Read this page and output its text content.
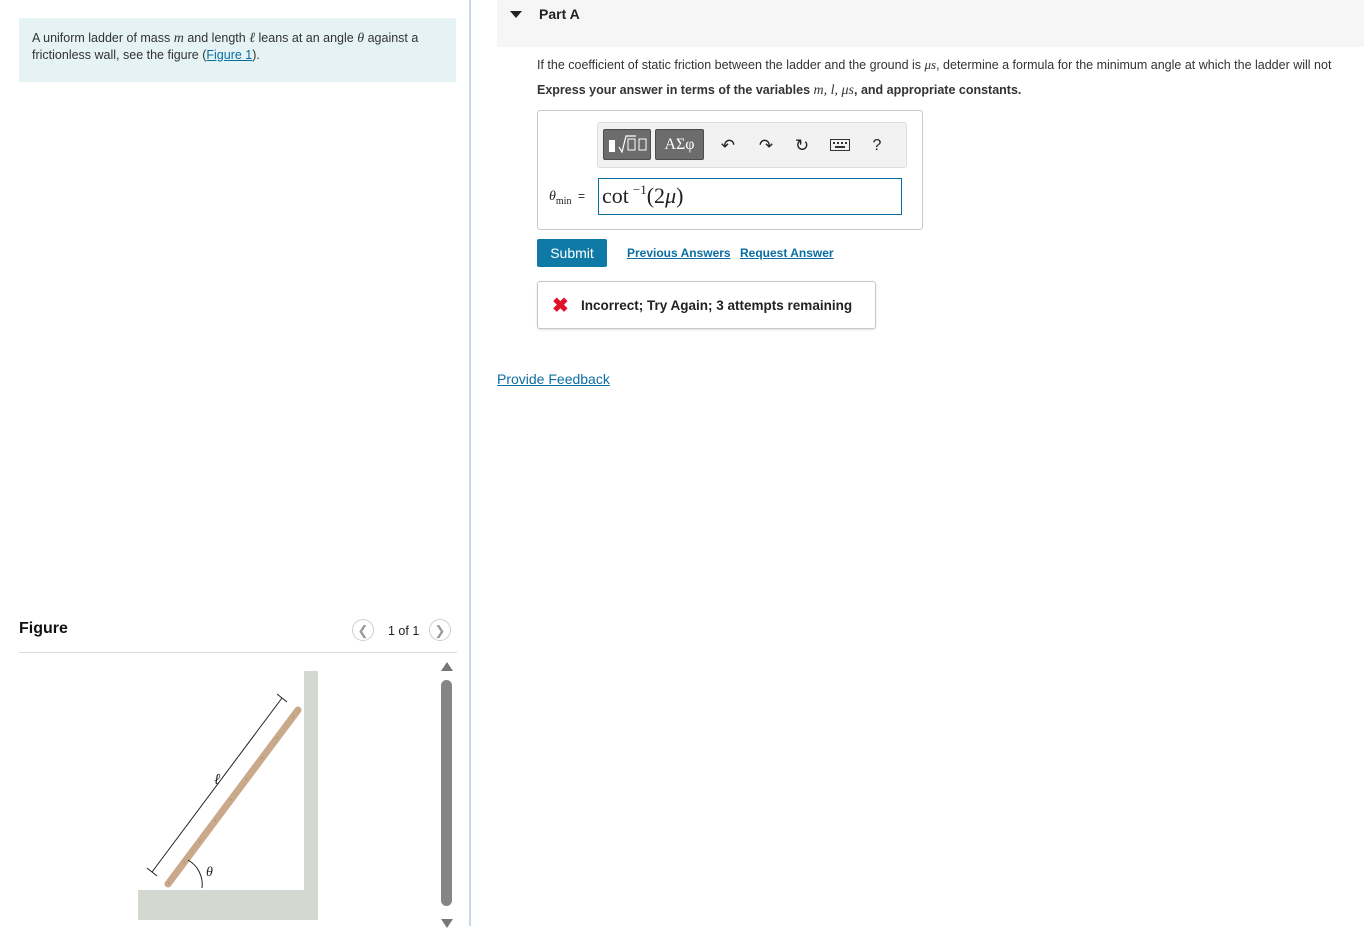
A uniform ladder of mass m and length ℓ leans at an angle θ against a frictionless wall, see the figure (Figure 1).
Figure	❮	1 of 1	❯
ℓ
θ
Part A
If the coefficient of static friction between the ladder and the ground is μs, determine a formula for the minimum angle at which the ladder will not
Express your answer in terms of the variables m, l, μs, and appropriate constants.
ΑΣφ	↶ ↷ ↻	?
$\theta_{min} = \cot ^{-1}(2\mu)$
Submit	Previous Answers Request Answer
✖ Incorrect; Try Again; 3 attempts remaining
Provide Feedback
